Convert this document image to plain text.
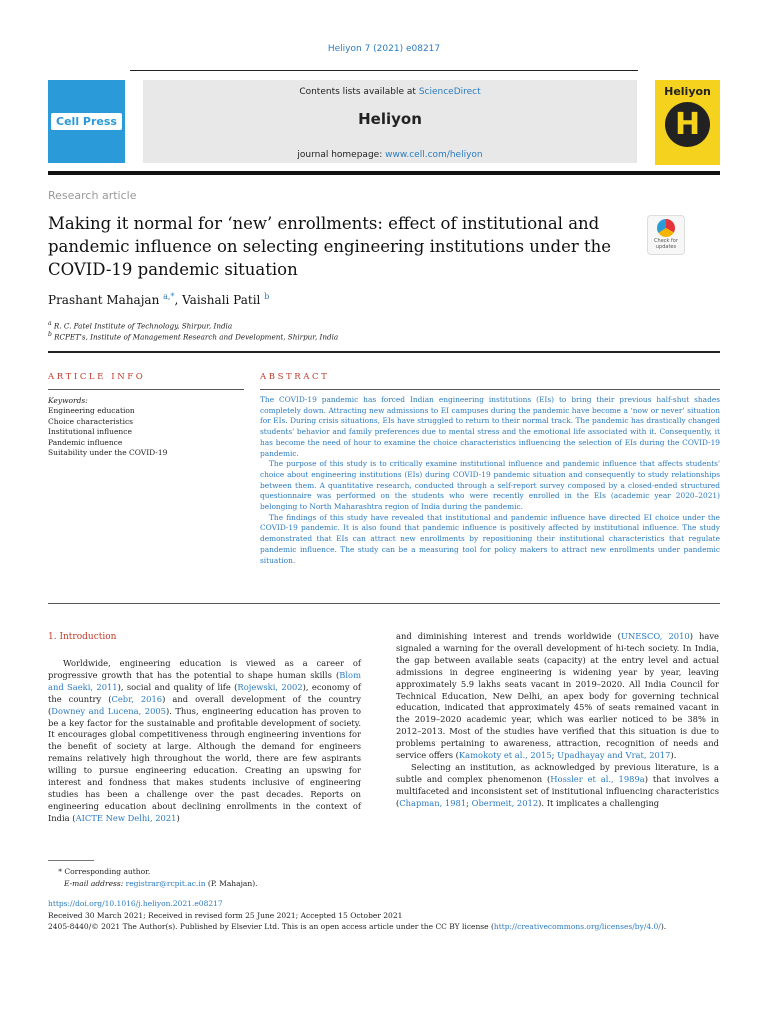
Heliyon 7 (2021) e08217
Cell Press
Contents lists available at ScienceDirect
Heliyon
journal homepage: www.cell.com/heliyon
Heliyon
H
Research article
Making it normal for ‘new’ enrollments: effect of institutional and pandemic influence on selecting engineering institutions under the COVID-19 pandemic situation
Check for updates
Prashant Mahajan $^{a,*}$, Vaishali Patil $^b$
$^a$ R. C. Patel Institute of Technology, Shirpur, India
$^b$ RCPET's, Institute of Management Research and Development, Shirpur, India
ARTICLE INFO	ABSTRACT
Keywords:
Engineering education
Choice characteristics
Institutional influence
Pandemic influence
Suitability under the COVID-19

The COVID-19 pandemic has forced Indian engineering institutions (EIs) to bring their previous half-shut shades completely down. Attracting new admissions to EI campuses during the pandemic have become a ‘now or never’ situation for EIs. During crisis situations, EIs have struggled to return to their normal track. The pandemic has drastically changed students' behavior and family preferences due to mental stress and the emotional life associated with it. Consequently, it has become the need of hour to examine the choice characteristics influencing the selection of EIs during the COVID-19 pandemic.

The purpose of this study is to critically examine institutional influence and pandemic influence that affects students' choice about engineering institutions (EIs) during COVID-19 pandemic situation and consequently to study relationships between them. A quantitative research, conducted through a self-report survey composed by a closed-ended structured questionnaire was performed on the students who were recently enrolled in the EIs (academic year 2020–2021) belonging to North Maharashtra region of India during the pandemic.

The findings of this study have revealed that institutional and pandemic influence have directed EI choice under the COVID-19 pandemic. It is also found that pandemic influence is positively affected by institutional influence. The study demonstrated that EIs can attract new enrollments by repositioning their institutional characteristics that regulate pandemic influence. The study can be a measuring tool for policy makers to attract new enrollments under pandemic situation.

1. Introduction

Worldwide, engineering education is viewed as a career of progressive growth that has the potential to shape human skills (Blom and Saeki, 2011), social and quality of life (Rojewski, 2002), economy of the country (Cebr, 2016) and overall development of the country (Downey and Lucena, 2005). Thus, engineering education has proven to be a key factor for the sustainable and profitable development of society. It encourages global competitiveness through engineering inventions for the benefit of society at large. Although the demand for engineers remains relatively high throughout the world, there are few aspirants willing to pursue engineering education. Creating an upswing for interest and fondness that makes students inclusive of engineering studies has been a challenge over the past decades. Reports on engineering education about declining enrollments in the context of India (AICTE New Delhi, 2021)

and diminishing interest and trends worldwide (UNESCO, 2010) have signaled a warning for the overall development of hi-tech society. In India, the gap between available seats (capacity) at the entry level and actual admissions in degree engineering is widening year by year, leaving approximately 5.9 lakhs seats vacant in 2019–2020. All India Council for Technical Education, New Delhi, an apex body for governing technical education, indicated that approximately 45% of seats remained vacant in the 2019–2020 academic year, which was earlier noticed to be 38% in 2012–2013. Most of the studies have verified that this situation is due to problems pertaining to awareness, attraction, recognition of needs and service offers (Kamokoty et al., 2015; Upadhayay and Vrat, 2017).

Selecting an institution, as acknowledged by previous literature, is a subtle and complex phenomenon (Hossler et al., 1989a) that involves a multifaceted and inconsistent set of institutional influencing characteristics (Chapman, 1981; Obermeit, 2012). It implicates a challenging

* Corresponding author.
E-mail address: registrar@rcpit.ac.in (P. Mahajan).
https://doi.org/10.1016/j.heliyon.2021.e08217
Received 30 March 2021; Received in revised form 25 June 2021; Accepted 15 October 2021
2405-8440/© 2021 The Author(s). Published by Elsevier Ltd. This is an open access article under the CC BY license (http://creativecommons.org/licenses/by/4.0/).
